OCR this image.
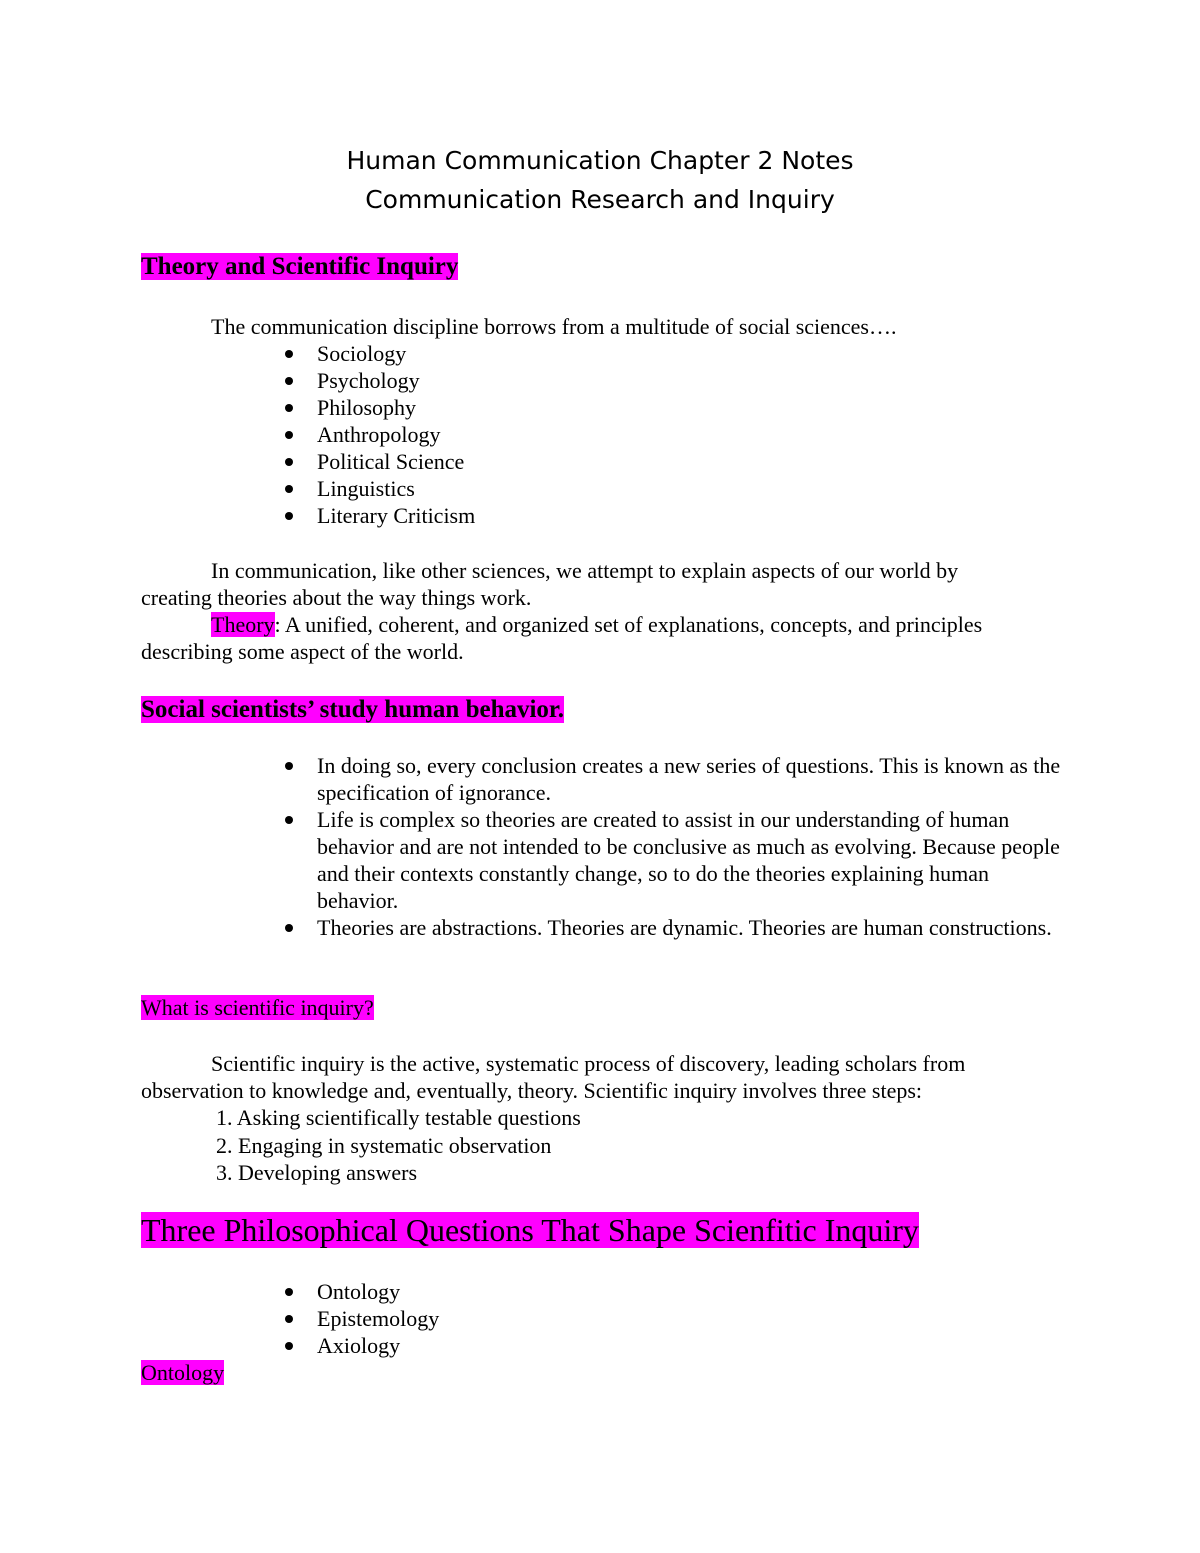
Human Communication Chapter 2 Notes
Communication Research and Inquiry
Theory and Scientific Inquiry
The communication discipline borrows from a multitude of social sciences….
Sociology
Psychology
Philosophy
Anthropology
Political Science
Linguistics
Literary Criticism
In communication, like other sciences, we attempt to explain aspects of our world by
creating theories about the way things work.
Theory: A unified, coherent, and organized set of explanations, concepts, and principles
describing some aspect of the world.
Social scientists’ study human behavior.
In doing so, every conclusion creates a new series of questions. This is known as the specification of ignorance.
Life is complex so theories are created to assist in our understanding of human behavior and are not intended to be conclusive as much as evolving. Because people and their contexts constantly change, so to do the theories explaining human behavior.
Theories are abstractions. Theories are dynamic. Theories are human constructions.
What is scientific inquiry?
Scientific inquiry is the active, systematic process of discovery, leading scholars from
observation to knowledge and, eventually, theory. Scientific inquiry involves three steps:
1. Asking scientifically testable questions
2. Engaging in systematic observation
3. Developing answers
Three Philosophical Questions That Shape Scienfitic Inquiry
Ontology
Epistemology
Axiology
Ontology
